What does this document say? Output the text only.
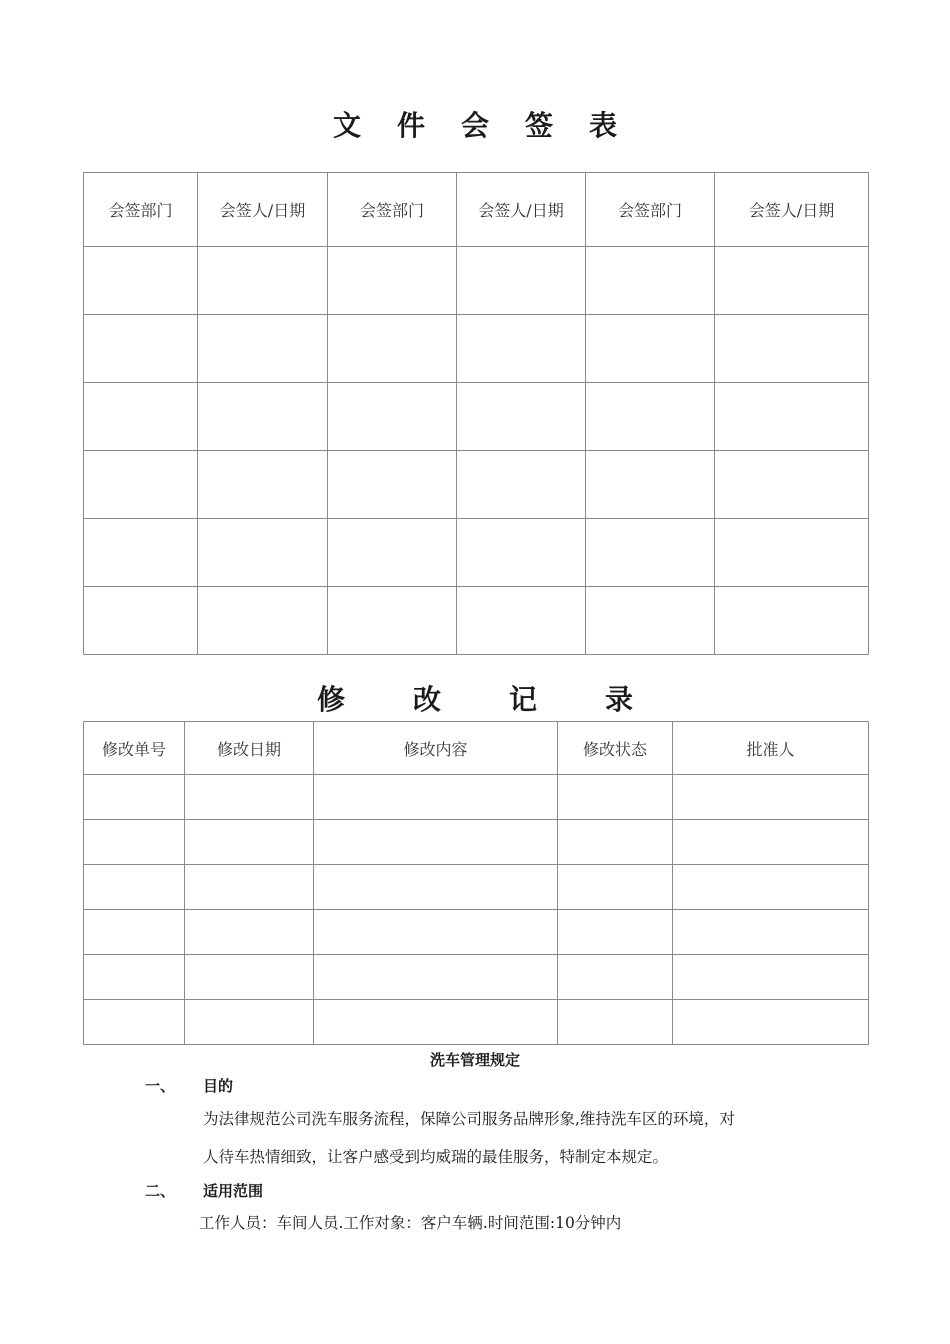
文 件 会 签 表
会签部门	会签人/日期	会签部门	会签人/日期	会签部门	会签人/日期

修 改 记 录
修改单号	修改日期	修改内容	修改状态	批准人

洗车管理规定
一、 目的
为法律规范公司洗车服务流程，保障公司服务品牌形象,维持洗车区的环境，对
人待车热情细致，让客户感受到均威瑞的最佳服务，特制定本规定。
二、 适用范围
工作人员：车间人员.工作对象：客户车辆.时间范围:10分钟内
